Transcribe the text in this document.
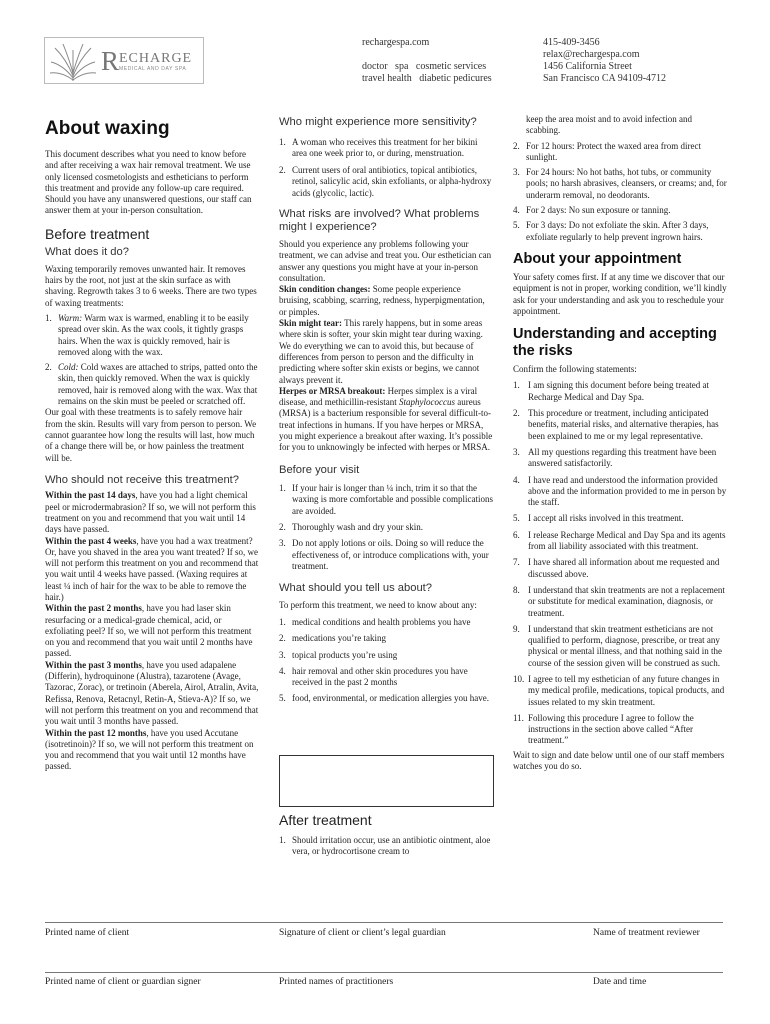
R ECHARGE
MEDICAL AND DAY SPA
rechargespa.com
doctor   spa   cosmetic services
travel health   diabetic pedicures
415-409-3456
relax@rechargespa.com
1456 California Street
San Francisco CA 94109-4712
About waxing

This document describes what you need to know before and after receiving a wax hair removal treatment. We use only licensed cosmetologists and estheticians to perform this treatment and provide any follow-up care required. Should you have any unanswered questions, our staff can answer them at your in-person consultation.

Before treatment
What does it do?

Waxing temporarily removes unwanted hair. It removes hairs by the root, not just at the skin surface as with shaving. Regrowth takes 3 to 6 weeks. There are two types of waxing treatments:

1. Warm: Warm wax is warmed, enabling it to be easily spread over skin. As the wax cools, it tightly grasps hairs. When the wax is quickly removed, hair is removed along with the wax.
2. Cold: Cold waxes are attached to strips, patted onto the skin, then quickly removed. When the wax is quickly removed, hair is removed along with the wax. Wax that remains on the skin must be peeled or scratched off.

Our goal with these treatments is to safely remove hair from the skin. Results will vary from person to person. We cannot guarantee how long the results will last, how much of a change there will be, or how painless the treatment will be.

Who should not receive this treatment?

Within the past 14 days, have you had a light chemical peel or microdermabrasion? If so, we will not perform this treatment on you and recommend that you wait until 14 days have passed.

Within the past 4 weeks, have you had a wax treatment? Or, have you shaved in the area you want treated? If so, we will not perform this treatment on you and recommend that you wait until 4 weeks have passed. (Waxing requires at least ¼ inch of hair for the wax to be able to remove the hair.)

Within the past 2 months, have you had laser skin resurfacing or a medical-grade chemical, acid, or exfoliating peel? If so, we will not perform this treatment on you and recommend that you wait until 2 months have passed.

Within the past 3 months, have you used adapalene (Differin), hydroquinone (Alustra), tazarotene (Avage, Tazorac, Zorac), or tretinoin (Aberela, Airol, Atralin, Avita, Refissa, Renova, Retacnyl, Retin-A, Stieva-A)? If so, we will not perform this treatment on you and recommend that you wait until 3 months have passed.

Within the past 12 months, have you used Accutane (isotretinoin)? If so, we will not perform this treatment on you and recommend that you wait until 12 months have passed.

Who might experience more sensitivity?
1. A woman who receives this treatment for her bikini area one week prior to, or during, menstruation.
2. Current users of oral antibiotics, topical antibiotics, retinol, salicylic acid, skin exfoliants, or alpha-hydroxy acids (glycolic, lactic).
What risks are involved? What problems might I experience?

Should you experience any problems following your treatment, we can advise and treat you. Our esthetician can answer any questions you might have at your in-person consultation.

Skin condition changes: Some people experience bruising, scabbing, scarring, redness, hyperpigmentation, or pimples.

Skin might tear: This rarely happens, but in some areas where skin is softer, your skin might tear during waxing. We do everything we can to avoid this, but because of differences from person to person and the difficulty in predicting where softer skin exists or begins, we cannot always prevent it.

Herpes or MRSA breakout: Herpes simplex is a viral disease, and methicillin-resistant Staphylococcus aureus (MRSA) is a bacterium responsible for several difficult-to-treat infections in humans. If you have herpes or MRSA, you might experience a breakout after waxing. It’s possible for you to unknowingly be infected with herpes or MRSA.

Before your visit
1. If your hair is longer than ¼ inch, trim it so that the waxing is more comfortable and possible complications are avoided.
2. Thoroughly wash and dry your skin.
3. Do not apply lotions or oils. Doing so will reduce the effectiveness of, or introduce complications with, your treatment.
What should you tell us about?

To perform this treatment, we need to know about any:

1. medical conditions and health problems you have
2. medications you’re taking
3. topical products you’re using
4. hair removal and other skin procedures you have received in the past 2 months
5. food, environmental, or medication allergies you have.
After treatment
1. Should irritation occur, use an antibiotic ointment, aloe vera, or hydrocortisone cream to

keep the area moist and to avoid infection and scabbing.

2. For 12 hours: Protect the waxed area from direct sunlight.
3. For 24 hours: No hot baths, hot tubs, or community pools; no harsh abrasives, cleansers, or creams; and, for underarm removal, no deodorants.
4. For 2 days: No sun exposure or tanning.
5. For 3 days: Do not exfoliate the skin. After 3 days, exfoliate regularly to help prevent ingrown hairs.
About your appointment

Your safety comes first. If at any time we discover that our equipment is not in proper, working condition, we’ll kindly ask for your understanding and ask you to reschedule your appointment.

Understanding and accepting the risks

Confirm the following statements:

1. I am signing this document before being treated at Recharge Medical and Day Spa.
2. This procedure or treatment, including anticipated benefits, material risks, and alternative therapies, has been explained to me or my legal representative.
3. All my questions regarding this treatment have been answered satisfactorily.
4. I have read and understood the information provided above and the information provided to me in person by the staff.
5. I accept all risks involved in this treatment.
6. I release Recharge Medical and Day Spa and its agents from all liability associated with this treatment.
7. I have shared all information about me requested and discussed above.
8. I understand that skin treatments are not a replacement or substitute for medical examination, diagnosis, or treatment.
9. I understand that skin treatment estheticians are not qualified to perform, diagnose, prescribe, or treat any physical or mental illness, and that nothing said in the course of the session given will be construed as such.
10. I agree to tell my esthetician of any future changes in my medical profile, medications, topical products, and issues related to my skin treatment.
11. Following this procedure I agree to follow the instructions in the section above called “After treatment.”

Wait to sign and date below until one of our staff members watches you do so.

Printed name of client	Signature of client or client’s legal guardian	Name of treatment reviewer
Printed name of client or guardian signer	Printed names of practitioners	Date and time
